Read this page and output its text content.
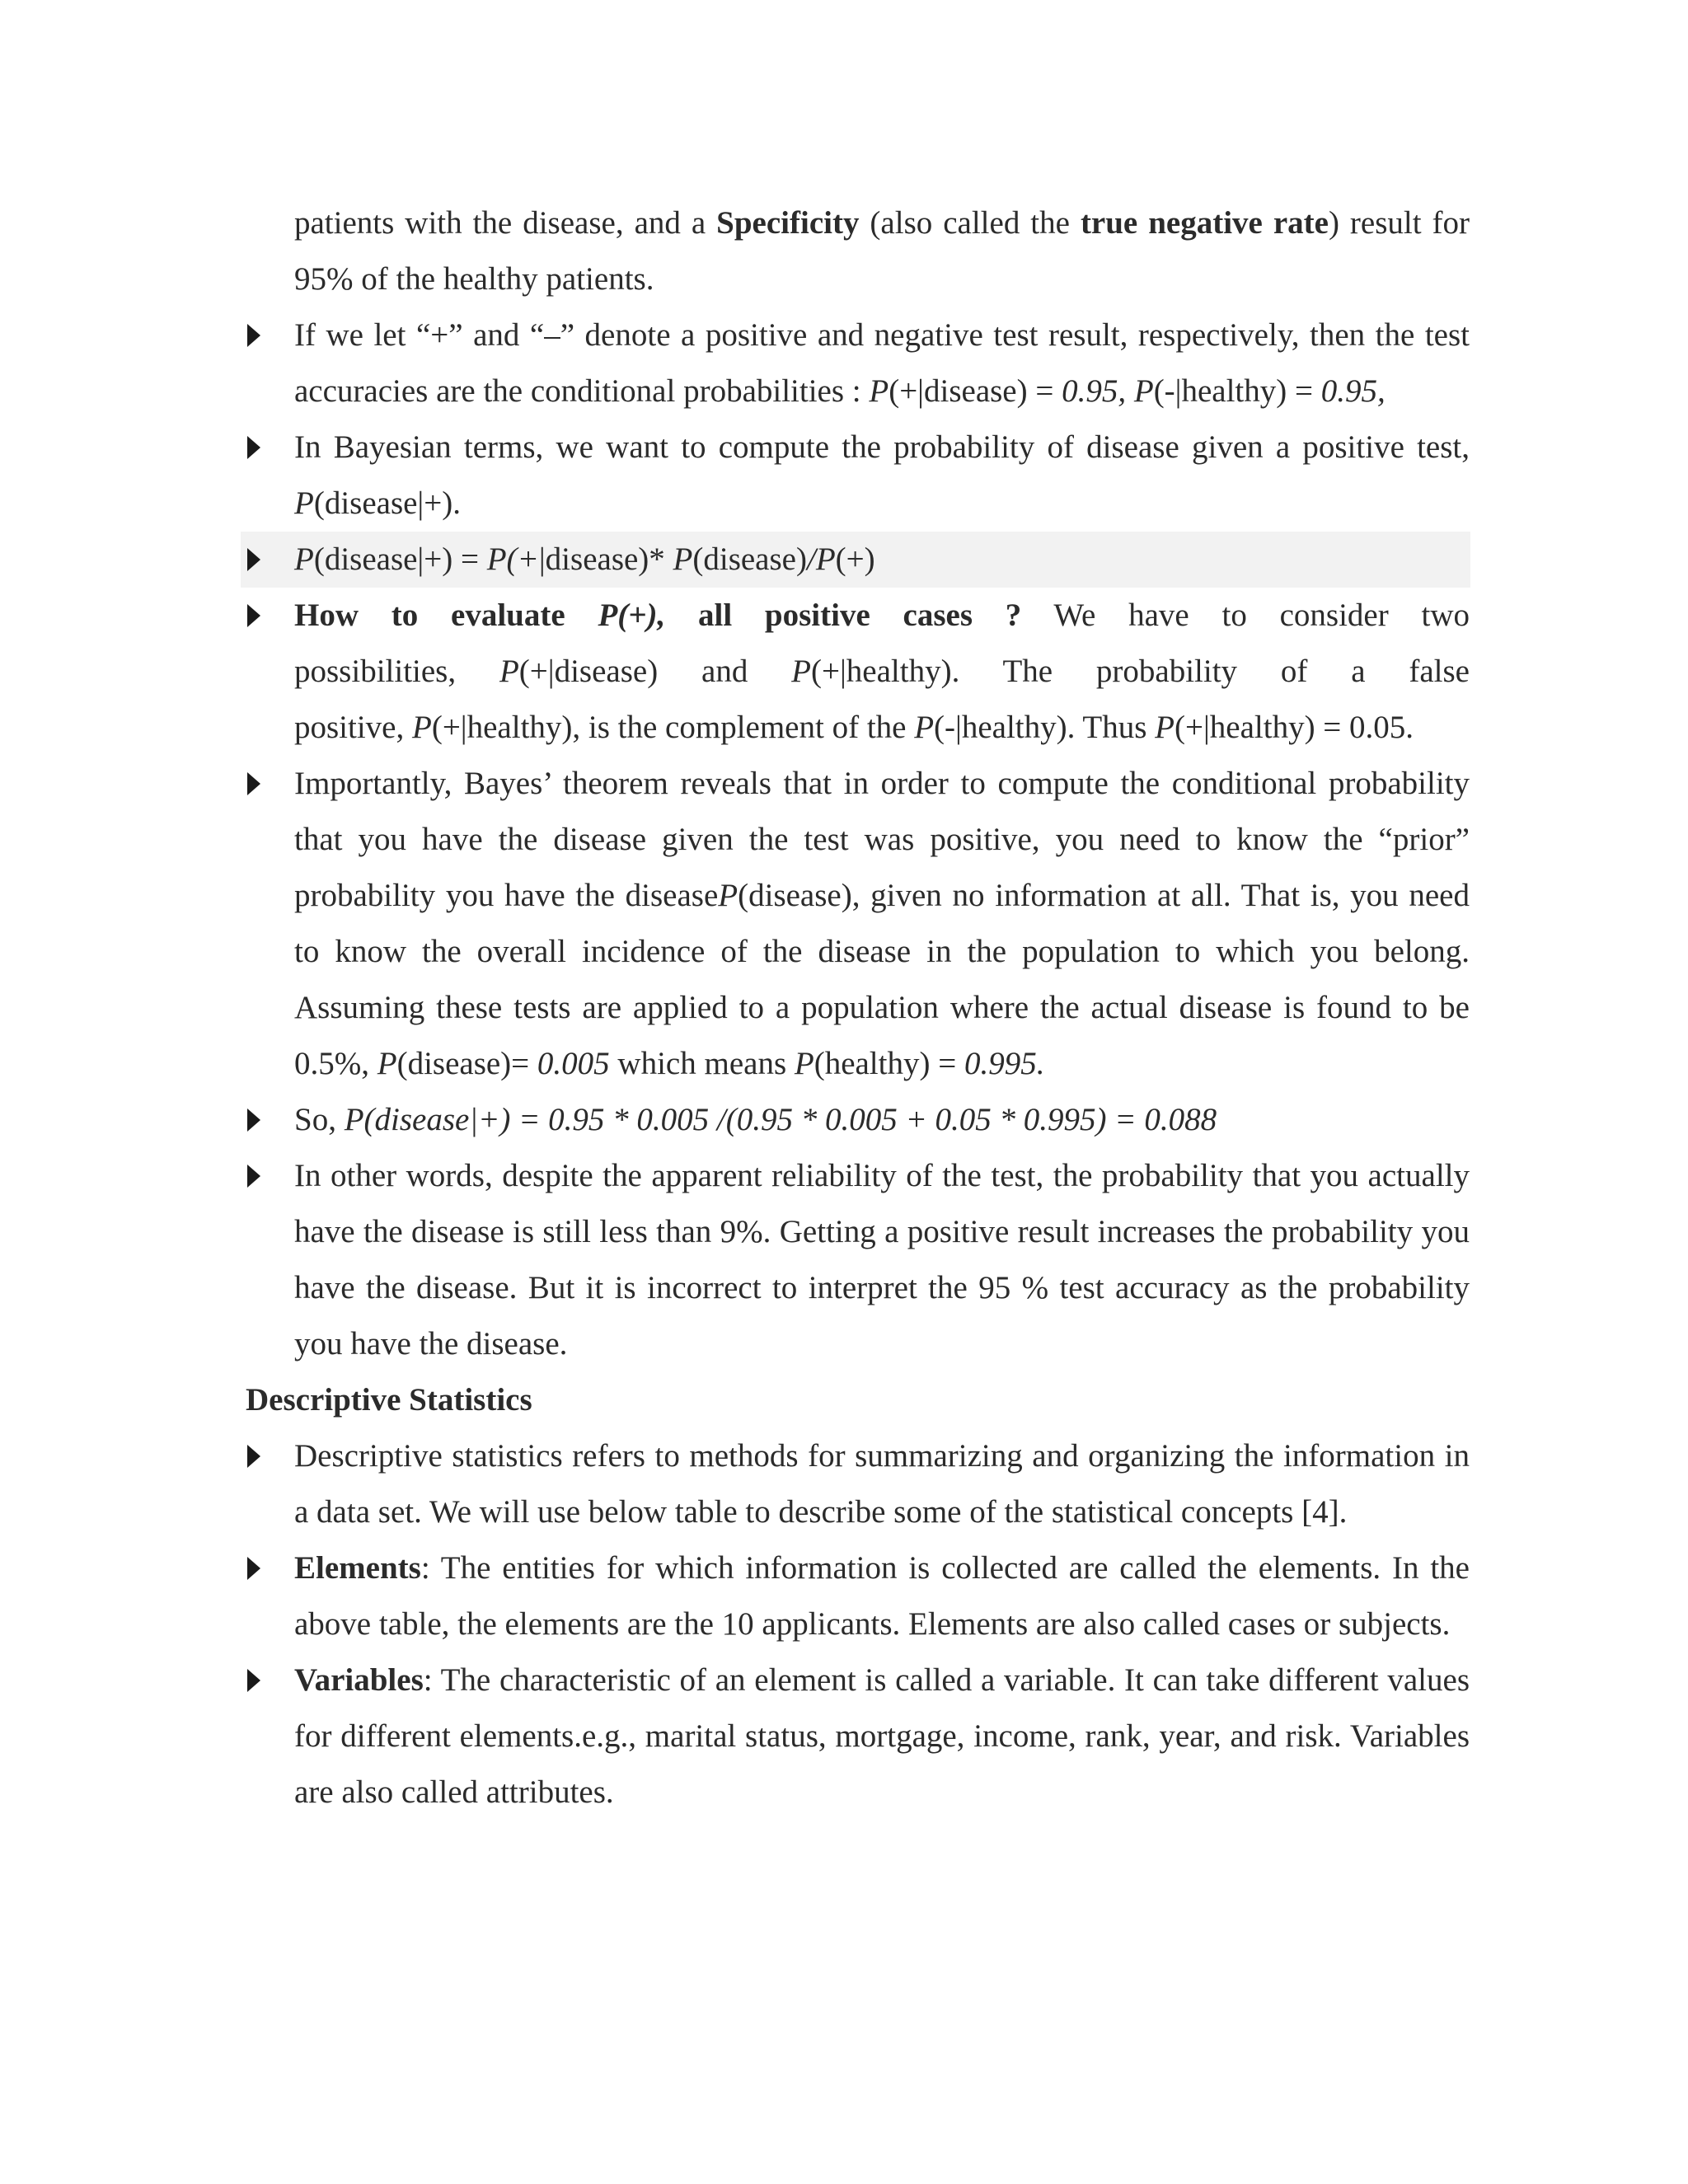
patients with the disease, and a Specificity (also called the true negative rate) result for 95% of the healthy patients.
If we let “+” and “–” denote a positive and negative test result, respectively, then the test accuracies are the conditional probabilities : P(+|disease) = 0.95, P(-|healthy) = 0.95,
In Bayesian terms, we want to compute the probability of disease given a positive test, P(disease|+).
P(disease|+) = P(+|disease)* P(disease)/P(+)
How to evaluate P(+), all positive cases ? We have to consider two
possibilities, P(+|disease) and P(+|healthy). The probability of a false
positive, P(+|healthy), is the complement of the P(-|healthy). Thus P(+|healthy) = 0.05.
Importantly, Bayes’ theorem reveals that in order to compute the conditional probability that you have the disease given the test was positive, you need to know the “prior” probability you have the diseaseP(disease), given no information at all. That is, you need to know the overall incidence of the disease in the population to which you belong. Assuming these tests are applied to a population where the actual disease is found to be 0.5%, P(disease)= 0.005 which means P(healthy) = 0.995.
So, P(disease|+) = 0.95 * 0.005 /(0.95 * 0.005 + 0.05 * 0.995) = 0.088
In other words, despite the apparent reliability of the test, the probability that you actually have the disease is still less than 9%. Getting a positive result increases the probability you have the disease. But it is incorrect to interpret the 95 % test accuracy as the probability you have the disease.
Descriptive Statistics
Descriptive statistics refers to methods for summarizing and organizing the information in a data set. We will use below table to describe some of the statistical concepts [4].
Elements: The entities for which information is collected are called the elements. In the above table, the elements are the 10 applicants. Elements are also called cases or subjects.
Variables: The characteristic of an element is called a variable. It can take different values for different elements.e.g., marital status, mortgage, income, rank, year, and risk. Variables are also called attributes.
